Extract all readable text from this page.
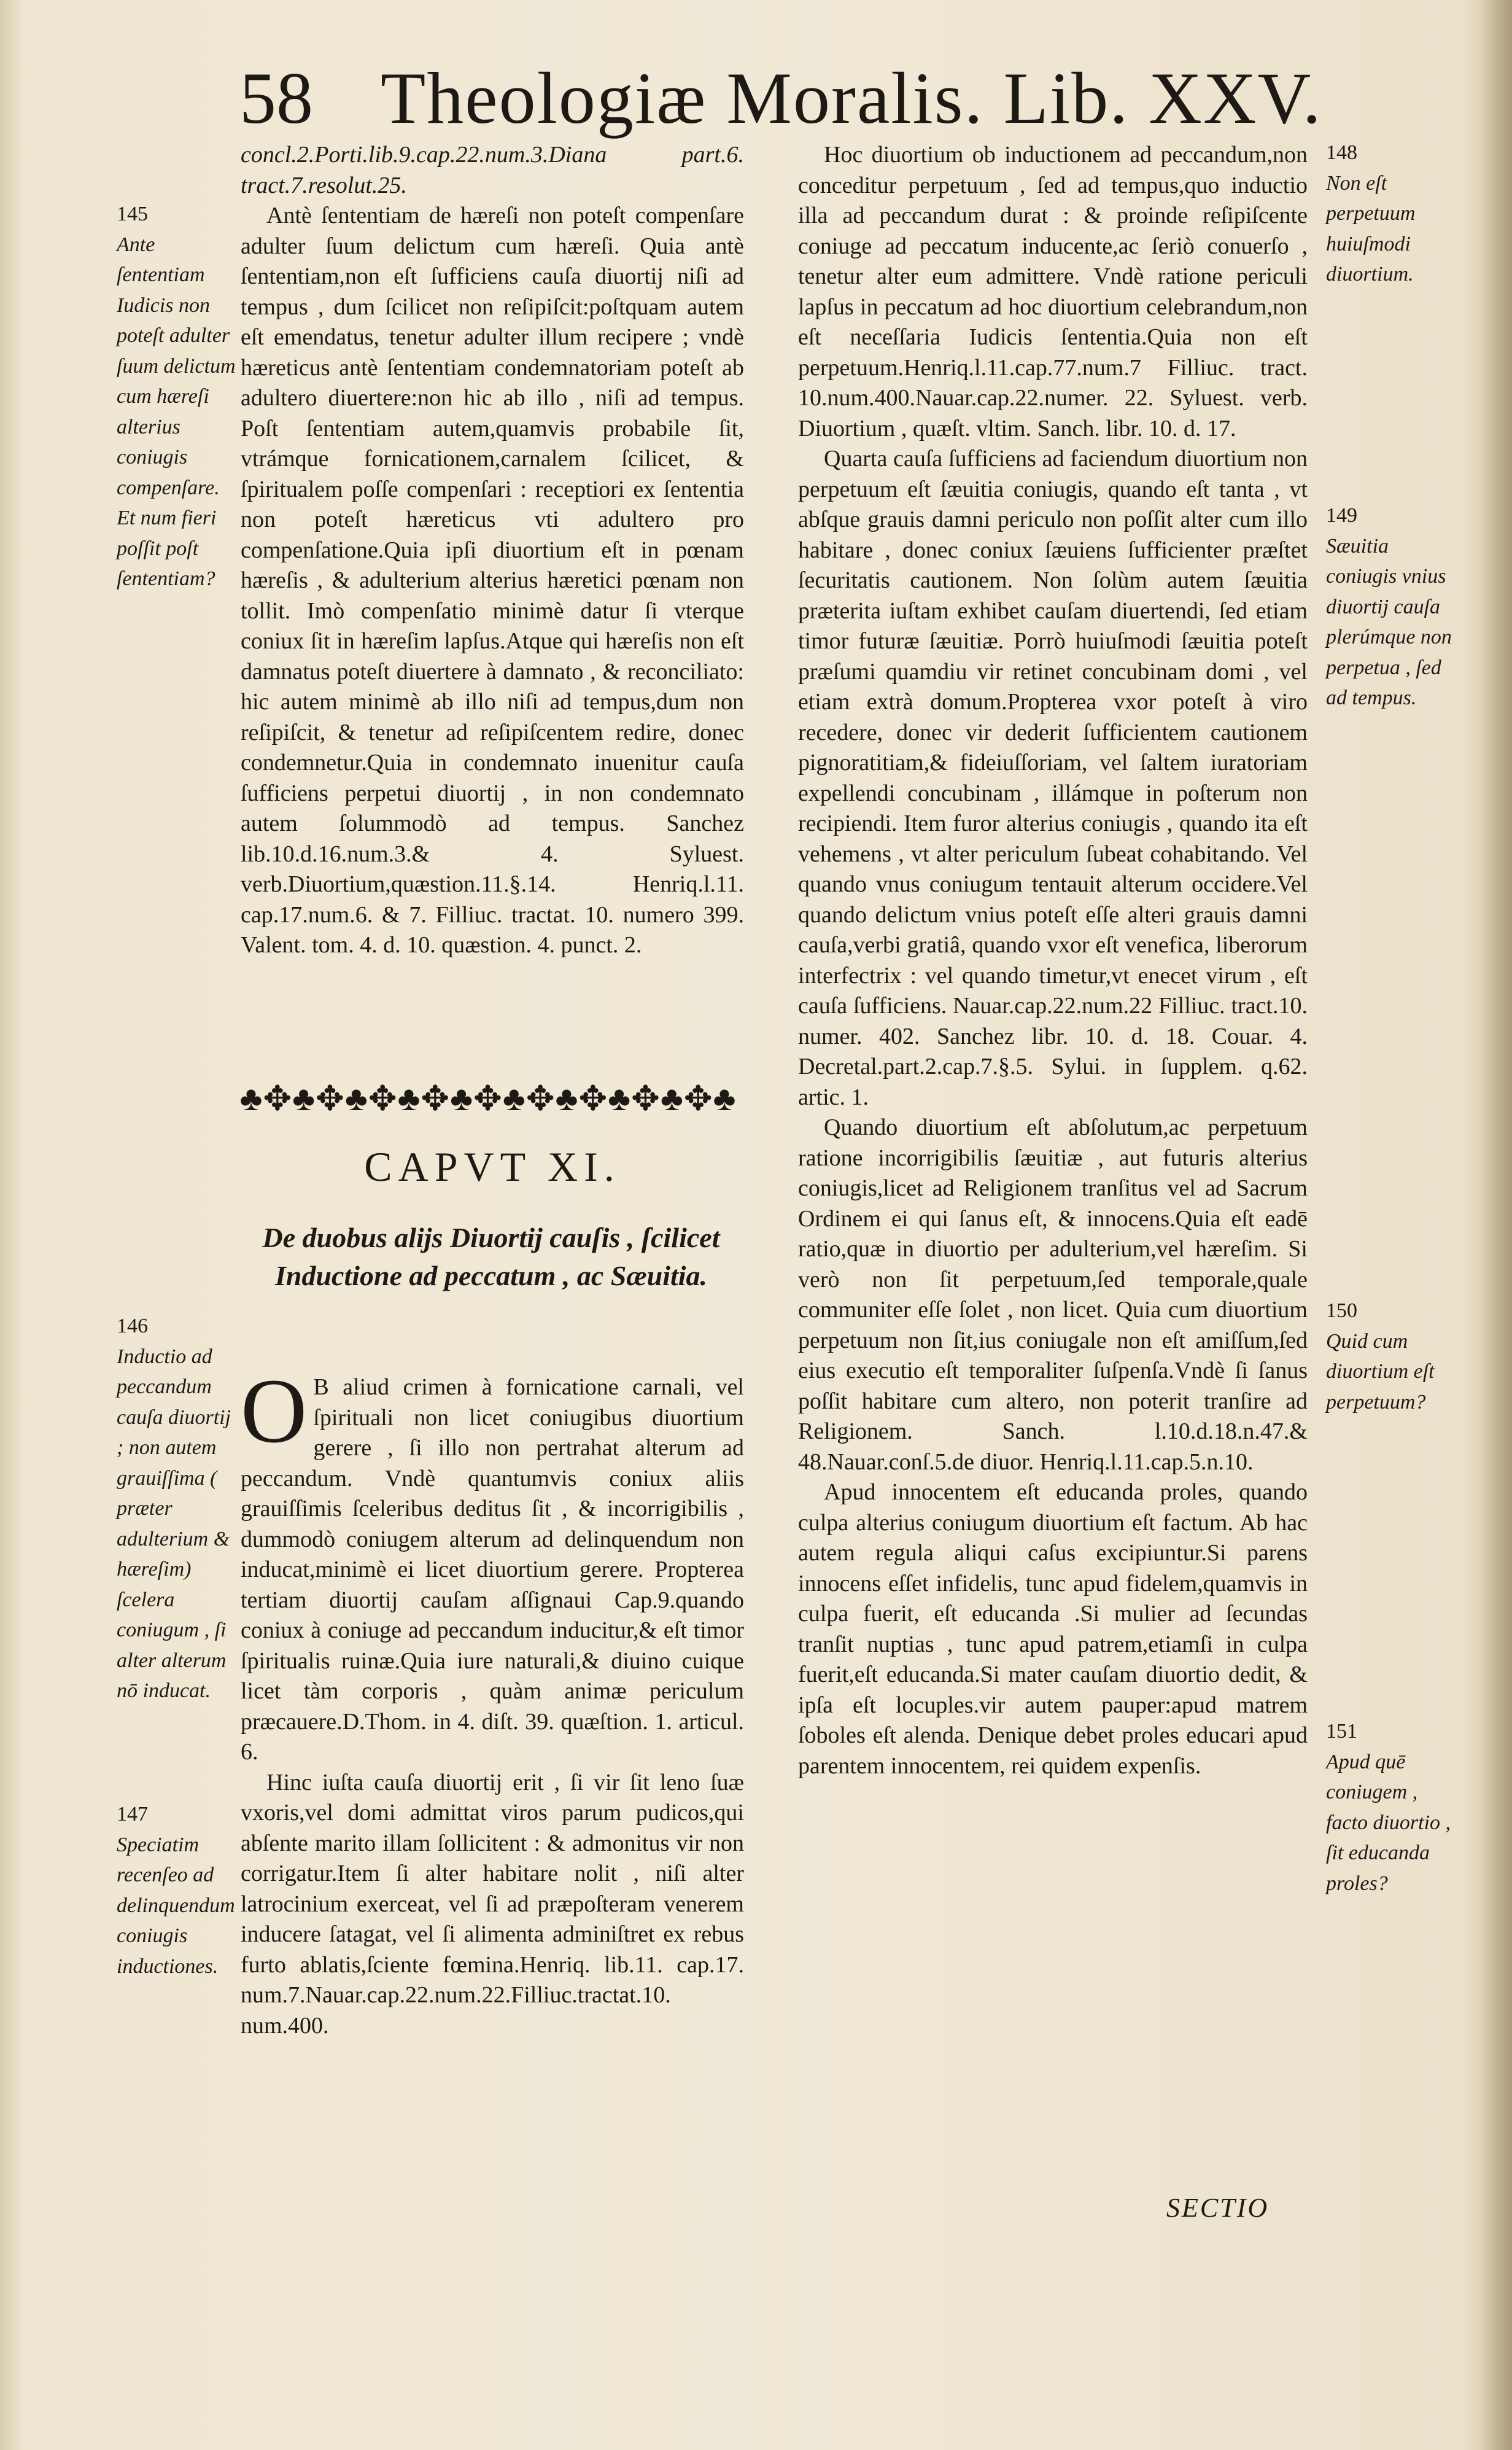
58 Theologiæ Moralis. Lib. XXV.
145
Ante ſententiam Iudicis non poteſt adulter ſuum delictum cum hæreſi alterius coniugis compenſare. Et num fieri poſſit poſt ſententiam?
146
Inductio ad peccandum cauſa diuortij ; non autem grauiſſima ( præter adulterium & hæreſim) ſcelera coniugum , ſi alter alterum nō inducat.
147
Speciatim recenſeo ad delinquendum coniugis inductiones.

concl.2.Porti.lib.9.cap.22.num.3.Diana part.6. tract.7.resolut.25.

Antè ſententiam de hæreſi non poteſt compenſare adulter ſuum delictum cum hæreſi. Quia antè ſententiam,non eſt ſufficiens cauſa diuortij niſi ad tempus , dum ſcilicet non reſipiſcit:poſtquam autem eſt emendatus, tenetur adulter illum recipere ; vndè hæreticus antè ſententiam condemnatoriam poteſt ab adultero diuertere:non hic ab illo , niſi ad tempus. Poſt ſententiam autem,quamvis probabile ſit, vtrámque fornicationem,carnalem ſcilicet, & ſpiritualem poſſe compenſari : receptiori ex ſententia non poteſt hæreticus vti adultero pro compenſatione.Quia ipſi diuortium eſt in pœnam hæreſis , & adulterium alterius hæretici pœnam non tollit. Imò compenſatio minimè datur ſi vterque coniux ſit in hæreſim lapſus.Atque qui hæreſis non eſt damnatus poteſt diuertere à damnato , & reconciliato: hic autem minimè ab illo niſi ad tempus,dum non reſipiſcit, & tenetur ad reſipiſcentem redire, donec condemnetur.Quia in condemnato inuenitur cauſa ſufficiens perpetui diuortij , in non condemnato autem ſolummodò ad tempus. Sanchez lib.10.d.16.num.3.& 4. Syluest. verb.Diuortium,quæstion.11.§.14. Henriq.l.11. cap.17.num.6. & 7. Filliuc. tractat. 10. numero 399. Valent. tom. 4. d. 10. quæstion. 4. punct. 2.

♣✥♣✥♣✥♣✥♣✥♣✥♣✥♣✥♣✥♣
CAPVT XI.
De duobus alijs Diuortij cauſis , ſcilicet Inductione ad peccatum , ac Sæuitia.

O B aliud crimen à fornicatione carnali, vel ſpirituali non licet coniugibus diuortium gerere , ſi illo non pertrahat alterum ad peccandum. Vndè quantumvis coniux aliis grauiſſimis ſceleribus deditus ſit , & incorrigibilis , dummodò coniugem alterum ad delinquendum non inducat,minimè ei licet diuortium gerere. Propterea tertiam diuortij cauſam aſſignaui Cap.9.quando coniux à coniuge ad peccandum inducitur,& eſt timor ſpiritualis ruinæ.Quia iure naturali,& diuino cuique licet tàm corporis , quàm animæ periculum præcauere.D.Thom. in 4. diſt. 39. quæſtion. 1. articul. 6.

Hinc iuſta cauſa diuortij erit , ſi vir ſit leno ſuæ vxoris,vel domi admittat viros parum pudicos,qui abſente marito illam ſollicitent : & admonitus vir non corrigatur.Item ſi alter habitare nolit , niſi alter latrocinium exerceat, vel ſi ad præpoſteram venerem inducere ſatagat, vel ſi alimenta adminiſtret ex rebus furto ablatis,ſciente fœmina.Henriq. lib.11. cap.17. num.7.Nauar.cap.22.num.22.Filliuc.tractat.10. num.400.

148
Non eſt perpetuum huiuſmodi diuortium.
149
Sæuitia coniugis vnius diuortij cauſa plerúmque non perpetua , ſed ad tempus.
150
Quid cum diuortium eſt perpetuum?
151
Apud quē coniugem , facto diuortio , ſit educanda proles?

Hoc diuortium ob inductionem ad peccandum,non conceditur perpetuum , ſed ad tempus,quo inductio illa ad peccandum durat : & proinde reſipiſcente coniuge ad peccatum inducente,ac ſeriò conuerſo , tenetur alter eum admittere. Vndè ratione periculi lapſus in peccatum ad hoc diuortium celebrandum,non eſt neceſſaria Iudicis ſententia.Quia non eſt perpetuum.Henriq.l.11.cap.77.num.7 Filliuc. tract. 10.num.400.Nauar.cap.22.numer. 22. Syluest. verb. Diuortium , quæſt. vltim. Sanch. libr. 10. d. 17.

Quarta cauſa ſufficiens ad faciendum diuortium non perpetuum eſt ſæuitia coniugis, quando eſt tanta , vt abſque grauis damni periculo non poſſit alter cum illo habitare , donec coniux ſæuiens ſufficienter præſtet ſecuritatis cautionem. Non ſolùm autem ſæuitia præterita iuſtam exhibet cauſam diuertendi, ſed etiam timor futuræ ſæuitiæ. Porrò huiuſmodi ſæuitia poteſt præſumi quamdiu vir retinet concubinam domi , vel etiam extrà domum.Propterea vxor poteſt à viro recedere, donec vir dederit ſufficientem cautionem pignoratitiam,& fideiuſſoriam, vel ſaltem iuratoriam expellendi concubinam , illámque in poſterum non recipiendi. Item furor alterius coniugis , quando ita eſt vehemens , vt alter periculum ſubeat cohabitando. Vel quando vnus coniugum tentauit alterum occidere.Vel quando delictum vnius poteſt eſſe alteri grauis damni cauſa,verbi gratiâ, quando vxor eſt venefica, liberorum interfectrix : vel quando timetur,vt enecet virum , eſt cauſa ſufficiens. Nauar.cap.22.num.22 Filliuc. tract.10. numer. 402. Sanchez libr. 10. d. 18. Couar. 4. Decretal.part.2.cap.7.§.5. Sylui. in ſupplem. q.62. artic. 1.

Quando diuortium eſt abſolutum,ac perpetuum ratione incorrigibilis ſæuitiæ , aut futuris alterius coniugis,licet ad Religionem tranſitus vel ad Sacrum Ordinem ei qui ſanus eſt, & innocens.Quia eſt eadē ratio,quæ in diuortio per adulterium,vel hæreſim. Si verò non ſit perpetuum,ſed temporale,quale communiter eſſe ſolet , non licet. Quia cum diuortium perpetuum non ſit,ius coniugale non eſt amiſſum,ſed eius executio eſt temporaliter ſuſpenſa.Vndè ſi ſanus poſſit habitare cum altero, non poterit tranſire ad Religionem. Sanch. l.10.d.18.n.47.& 48.Nauar.conſ.5.de diuor. Henriq.l.11.cap.5.n.10.

Apud innocentem eſt educanda proles, quando culpa alterius coniugum diuortium eſt factum. Ab hac autem regula aliqui caſus excipiuntur.Si parens innocens eſſet infidelis, tunc apud fidelem,quamvis in culpa fuerit, eſt educanda .Si mulier ad ſecundas tranſit nuptias , tunc apud patrem,etiamſi in culpa fuerit,eſt educanda.Si mater cauſam diuortio dedit, & ipſa eſt locuples.vir autem pauper:apud matrem ſoboles eſt alenda. Denique debet proles educari apud parentem innocentem, rei quidem expenſis.

SECTIO
